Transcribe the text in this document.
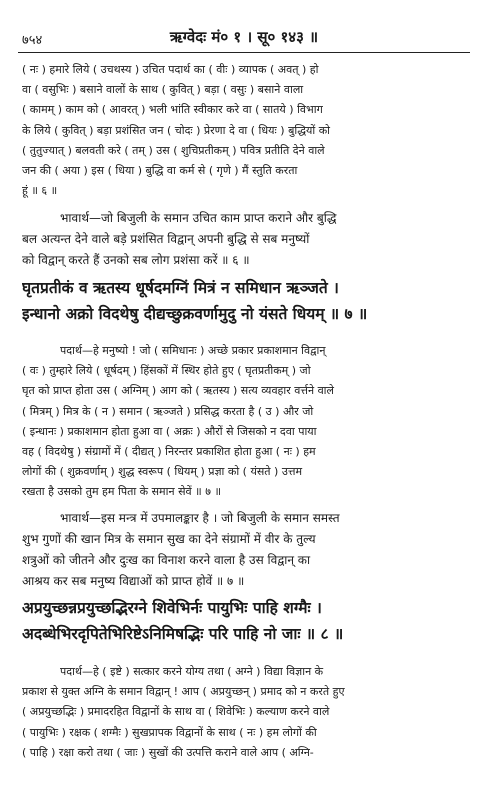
७५४	ऋग्वेदः मं० १ । सू० १४३ ॥

( नः ) हमारे लिये ( उचथस्य ) उचित पदार्थ का ( वीः ) व्यापक ( अवत् ) हो

वा ( वसुभिः ) बसाने वालों के साथ ( कुवित् ) बड़ा ( वसुः ) बसाने वाला

( कामम् ) काम को ( आवरत् ) भली भांति स्वीकार करे वा ( सातये ) विभाग

के लिये ( कुवित् ) बड़ा प्रशंसित जन ( चोदः ) प्रेरणा दे वा ( धियः ) बुद्धियों को

( तुतुज्यात् ) बलवती करे ( तम् ) उस ( शुचिप्रतीकम् ) पवित्र प्रतीति देने वाले

जन की ( अया ) इस ( धिया ) बुद्धि वा कर्म से ( गृणे ) मैं स्तुति करता

हूं ॥ ६ ॥

भावार्थ—जो बिजुली के समान उचित काम प्राप्त कराने और बुद्धि

बल अत्यन्त देने वाले बड़े प्रशंसित विद्वान् अपनी बुद्धि से सब मनुष्यों

को विद्वान् करते हैं उनको सब लोग प्रशंसा करें ॥ ६ ॥

घृतप्रतीकं व ऋतस्य धूर्षदमग्निं मित्रं न समिधान ऋञ्जते ।

इन्धानो अक्रो विदथेषु दीद्यच्छुक्रवर्णामुदु नो यंसते धियम् ॥ ७ ॥

पदार्थ—हे मनुष्यो ! जो ( समिधानः ) अच्छे प्रकार प्रकाशमान विद्वान्

( वः ) तुम्हारे लिये ( धूर्षदम् ) हिंसकों में स्थिर होते हुए ( घृतप्रतीकम् ) जो

घृत को प्राप्त होता उस ( अग्निम् ) आग को ( ऋतस्य ) सत्य व्यवहार वर्त्तने वाले

( मित्रम् ) मित्र के ( न ) समान ( ऋञ्जते ) प्रसिद्ध करता है ( उ ) और जो

( इन्धानः ) प्रकाशमान होता हुआ वा ( अक्रः ) औरों से जिसको न दवा पाया

वह ( विदथेषु ) संग्रामों में ( दीद्यत् ) निरन्तर प्रकाशित होता हुआ ( नः ) हम

लोगों की ( शुक्रवर्णाम् ) शुद्ध स्वरूप ( धियम् ) प्रज्ञा को ( यंसते ) उत्तम

रखता है उसको तुम हम पिता के समान सेवें ॥ ७ ॥

भावार्थ—इस मन्त्र में उपमालङ्कार है । जो बिजुली के समान समस्त

शुभ गुणों की खान मित्र के समान सुख का देने संग्रामों में वीर के तुल्य

शत्रुओं को जीतने और दुःख का विनाश करने वाला है उस विद्वान् का

आश्रय कर सब मनुष्य विद्याओं को प्राप्त होवें ॥ ७ ॥

अप्रयुच्छन्नप्रयुच्छद्भिरग्ने शिवेभिर्नः पायुभिः पाहि शग्मैः ।

अदब्धेभिरदृपितेभिरिष्टेऽनिमिषद्भिः परि पाहि नो जाः ॥ ८ ॥

पदार्थ—हे ( इष्टे ) सत्कार करने योग्य तथा ( अग्ने ) विद्या विज्ञान के

प्रकाश से युक्त अग्नि के समान विद्वान् ! आप ( अप्रयुच्छन् ) प्रमाद को न करते हुए

( अप्रयुच्छद्भिः ) प्रमादरहित विद्वानों के साथ वा ( शिवेभिः ) कल्याण करने वाले

( पायुभिः ) रक्षक ( शग्मैः ) सुखप्रापक विद्वानों के साथ ( नः ) हम लोगों की

( पाहि ) रक्षा करो तथा ( जाः ) सुखों की उत्पत्ति कराने वाले आप ( अग्नि-
